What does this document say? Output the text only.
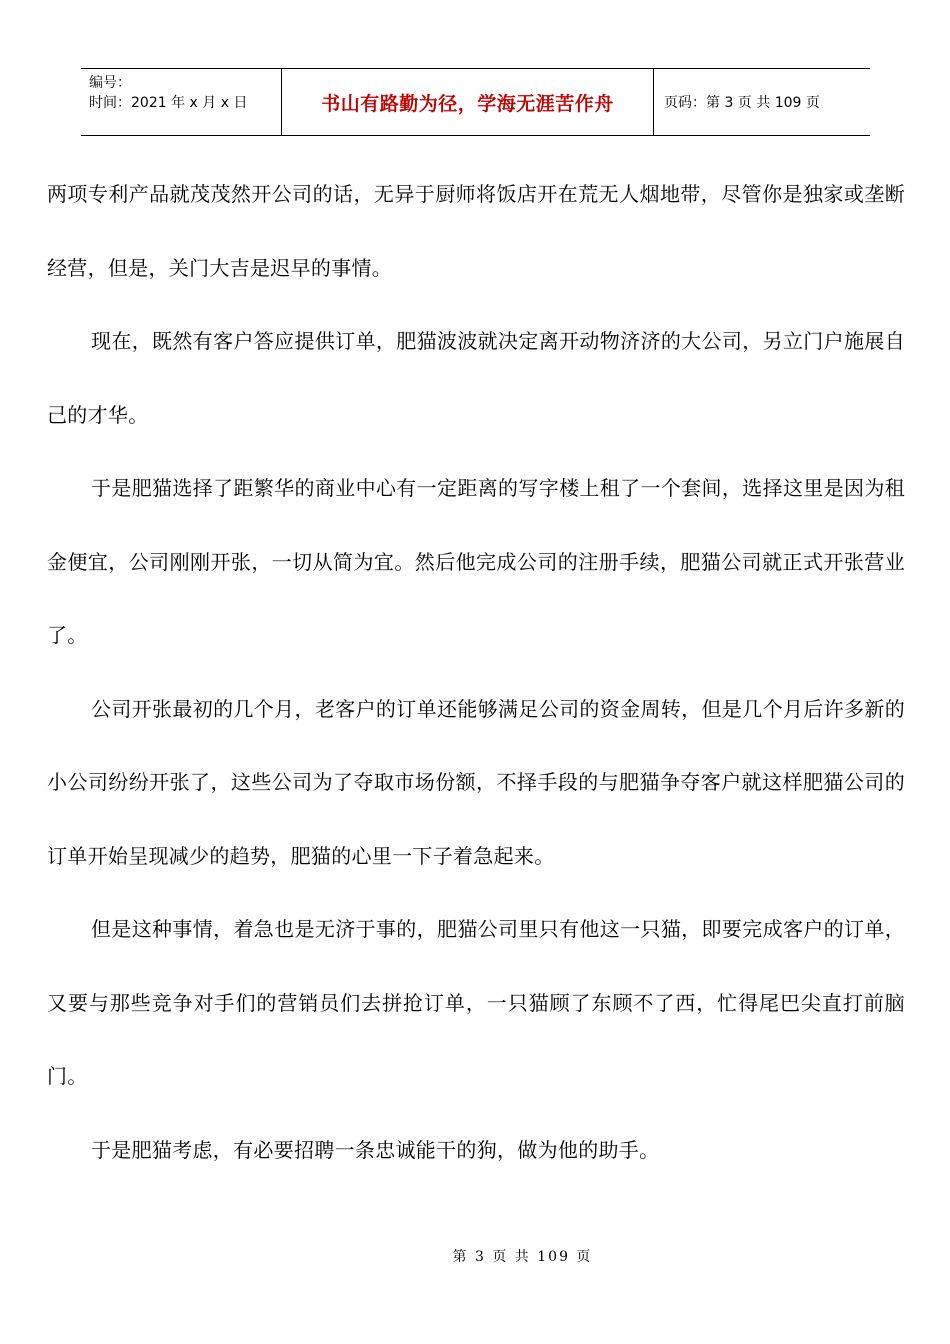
编号：
时间：2021 年 x 月 x 日	书山有路勤为径，学海无涯苦作舟	页码：第 3 页 共 109 页

两项专利产品就茂茂然开公司的话，无异于厨师将饭店开在荒无人烟地带，尽管你是独家或垄断经营，但是，关门大吉是迟早的事情。

现在，既然有客户答应提供订单，肥猫波波就决定离开动物济济的大公司，另立门户施展自己的才华。

于是肥猫选择了距繁华的商业中心有一定距离的写字楼上租了一个套间，选择这里是因为租金便宜，公司刚刚开张，一切从简为宜。然后他完成公司的注册手续，肥猫公司就正式开张营业了。

公司开张最初的几个月，老客户的订单还能够满足公司的资金周转，但是几个月后许多新的小公司纷纷开张了，这些公司为了夺取市场份额，不择手段的与肥猫争夺客户就这样肥猫公司的订单开始呈现减少的趋势，肥猫的心里一下子着急起来。

但是这种事情，着急也是无济于事的，肥猫公司里只有他这一只猫，即要完成客户的订单，又要与那些竞争对手们的营销员们去拼抢订单，一只猫顾了东顾不了西，忙得尾巴尖直打前脑门。

于是肥猫考虑，有必要招聘一条忠诚能干的狗，做为他的助手。

第 3 页 共 109 页
